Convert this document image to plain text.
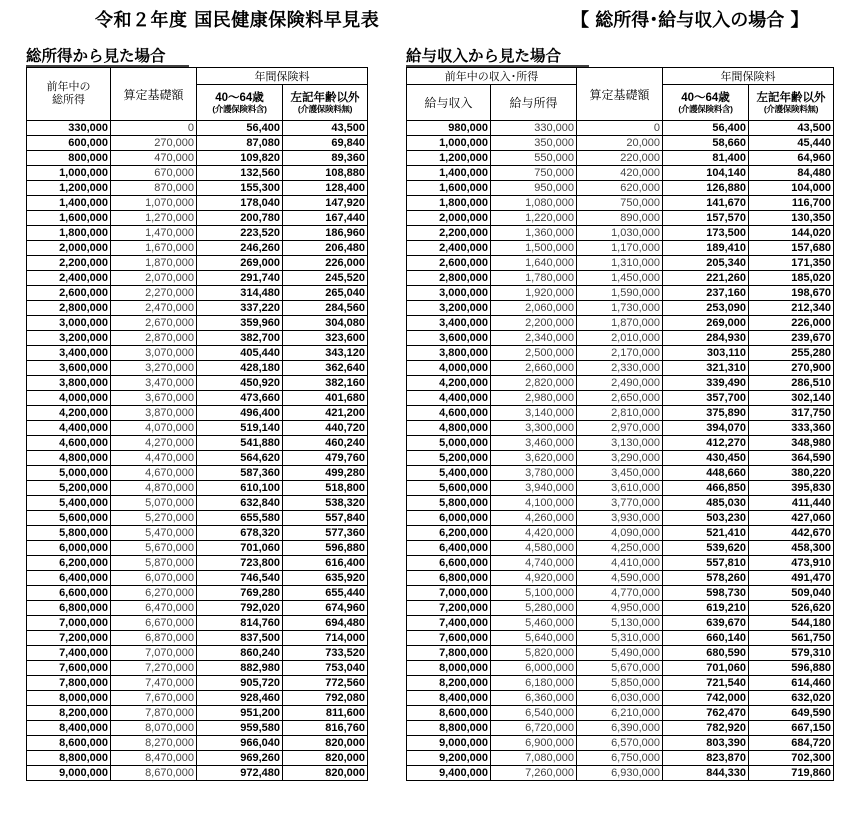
令和２年度 国民健康保険料早見表	【 総所得･給与収入の場合 】
総所得から見た場合	給与収入から見た場合
前年中の
総所得	算定基礎額	年間保険料	

		40～64歳
(介護保険料含)	左記年齢以外
(介護保険料無)

330,000	0	56,400	43,500
600,000	270,000	87,080	69,840
800,000	470,000	109,820	89,360
1,000,000	670,000	132,560	108,880
1,200,000	870,000	155,300	128,400
1,400,000	1,070,000	178,040	147,920
1,600,000	1,270,000	200,780	167,440
1,800,000	1,470,000	223,520	186,960
2,000,000	1,670,000	246,260	206,480
2,200,000	1,870,000	269,000	226,000
2,400,000	2,070,000	291,740	245,520
2,600,000	2,270,000	314,480	265,040
2,800,000	2,470,000	337,220	284,560
3,000,000	2,670,000	359,960	304,080
3,200,000	2,870,000	382,700	323,600
3,400,000	3,070,000	405,440	343,120
3,600,000	3,270,000	428,180	362,640
3,800,000	3,470,000	450,920	382,160
4,000,000	3,670,000	473,660	401,680
4,200,000	3,870,000	496,400	421,200
4,400,000	4,070,000	519,140	440,720
4,600,000	4,270,000	541,880	460,240
4,800,000	4,470,000	564,620	479,760
5,000,000	4,670,000	587,360	499,280
5,200,000	4,870,000	610,100	518,800
5,400,000	5,070,000	632,840	538,320
5,600,000	5,270,000	655,580	557,840
5,800,000	5,470,000	678,320	577,360
6,000,000	5,670,000	701,060	596,880
6,200,000	5,870,000	723,800	616,400
6,400,000	6,070,000	746,540	635,920
6,600,000	6,270,000	769,280	655,440
6,800,000	6,470,000	792,020	674,960
7,000,000	6,670,000	814,760	694,480
7,200,000	6,870,000	837,500	714,000
7,400,000	7,070,000	860,240	733,520
7,600,000	7,270,000	882,980	753,040
7,800,000	7,470,000	905,720	772,560
8,000,000	7,670,000	928,460	792,080
8,200,000	7,870,000	951,200	811,600
8,400,000	8,070,000	959,580	816,760
8,600,000	8,270,000	966,040	820,000
8,800,000	8,470,000	969,260	820,000
9,000,000	8,670,000	972,480	820,000
前年中の収入･所得		算定基礎額	年間保険料	
給与収入	給与所得		40～64歳
(介護保険料含)	左記年齢以外
(介護保険料無)

980,000	330,000	0	56,400	43,500
1,000,000	350,000	20,000	58,660	45,440
1,200,000	550,000	220,000	81,400	64,960
1,400,000	750,000	420,000	104,140	84,480
1,600,000	950,000	620,000	126,880	104,000
1,800,000	1,080,000	750,000	141,670	116,700
2,000,000	1,220,000	890,000	157,570	130,350
2,200,000	1,360,000	1,030,000	173,500	144,020
2,400,000	1,500,000	1,170,000	189,410	157,680
2,600,000	1,640,000	1,310,000	205,340	171,350
2,800,000	1,780,000	1,450,000	221,260	185,020
3,000,000	1,920,000	1,590,000	237,160	198,670
3,200,000	2,060,000	1,730,000	253,090	212,340
3,400,000	2,200,000	1,870,000	269,000	226,000
3,600,000	2,340,000	2,010,000	284,930	239,670
3,800,000	2,500,000	2,170,000	303,110	255,280
4,000,000	2,660,000	2,330,000	321,310	270,900
4,200,000	2,820,000	2,490,000	339,490	286,510
4,400,000	2,980,000	2,650,000	357,700	302,140
4,600,000	3,140,000	2,810,000	375,890	317,750
4,800,000	3,300,000	2,970,000	394,070	333,360
5,000,000	3,460,000	3,130,000	412,270	348,980
5,200,000	3,620,000	3,290,000	430,450	364,590
5,400,000	3,780,000	3,450,000	448,660	380,220
5,600,000	3,940,000	3,610,000	466,850	395,830
5,800,000	4,100,000	3,770,000	485,030	411,440
6,000,000	4,260,000	3,930,000	503,230	427,060
6,200,000	4,420,000	4,090,000	521,410	442,670
6,400,000	4,580,000	4,250,000	539,620	458,300
6,600,000	4,740,000	4,410,000	557,810	473,910
6,800,000	4,920,000	4,590,000	578,260	491,470
7,000,000	5,100,000	4,770,000	598,730	509,040
7,200,000	5,280,000	4,950,000	619,210	526,620
7,400,000	5,460,000	5,130,000	639,670	544,180
7,600,000	5,640,000	5,310,000	660,140	561,750
7,800,000	5,820,000	5,490,000	680,590	579,310
8,000,000	6,000,000	5,670,000	701,060	596,880
8,200,000	6,180,000	5,850,000	721,540	614,460
8,400,000	6,360,000	6,030,000	742,000	632,020
8,600,000	6,540,000	6,210,000	762,470	649,590
8,800,000	6,720,000	6,390,000	782,920	667,150
9,000,000	6,900,000	6,570,000	803,390	684,720
9,200,000	7,080,000	6,750,000	823,870	702,300
9,400,000	7,260,000	6,930,000	844,330	719,860
